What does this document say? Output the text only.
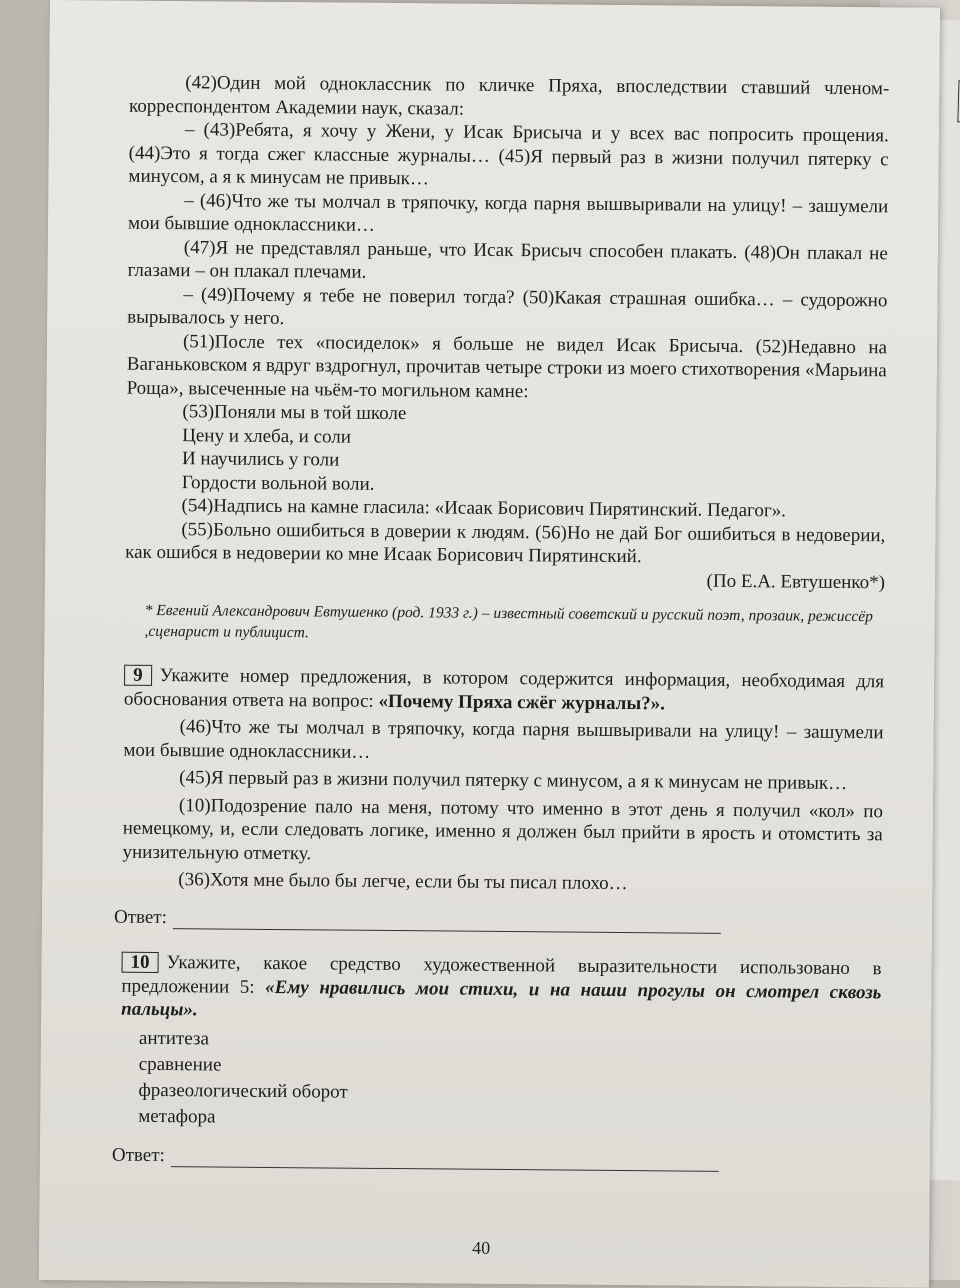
(42)Один мой одноклассник по кличке Пряха, впоследствии ставший членом-корреспондентом Академии наук, сказал:

– (43)Ребята, я хочу у Жени, у Исак Брисыча и у всех вас попросить прощения. (44)Это я тогда сжег классные журналы… (45)Я первый раз в жизни получил пятерку с минусом, а я к минусам не привык…

– (46)Что же ты молчал в тряпочку, когда парня вышвыривали на улицу! – зашумели мои бывшие одноклассники…

(47)Я не представлял раньше, что Исак Брисыч способен плакать. (48)Он плакал не глазами – он плакал плечами.

– (49)Почему я тебе не поверил тогда? (50)Какая страшная ошибка… – судорожно вырывалось у него.

(51)После тех «посиделок» я больше не видел Исак Брисыча. (52)Недавно на Ваганьковском я вдруг вздрогнул, прочитав четыре строки из моего стихотворения «Марьина Роща», высеченные на чьём-то могильном камне:

(53)Поняли мы в той школе
Цену и хлеба, и соли
И научились у голи
Гордости вольной воли.

(54)Надпись на камне гласила: «Исаак Борисович Пирятинский. Педагог».

(55)Больно ошибиться в доверии к людям. (56)Но не дай Бог ошибиться в недоверии, как ошибся в недоверии ко мне Исаак Борисович Пирятинский.

(По Е.А. Евтушенко*)

* Евгений Александрович Евтушенко (род. 1933 г.) – известный советский и русский поэт, прозаик, режиссёр ,сценарист и публицист.

9 Укажите номер предложения, в котором содержится информация, необходимая для обоснования ответа на вопрос: «Почему Пряха сжёг журналы?».

(46)Что же ты молчал в тряпочку, когда парня вышвыривали на улицу! – зашумели мои бывшие одноклассники…

(45)Я первый раз в жизни получил пятерку с минусом, а я к минусам не привык…

(10)Подозрение пало на меня, потому что именно в этот день я получил «кол» по немецкому, и, если следовать логике, именно я должен был прийти в ярость и отомстить за унизительную отметку.

(36)Хотя мне было бы легче, если бы ты писал плохо…

Ответ:

10 Укажите, какое средство художественной выразительности использовано в предложении 5: «Ему нравились мои стихи, и на наши прогулы он смотрел сквозь пальцы».

антитеза
сравнение
фразеологический оборот
метафора
Ответ:
40
